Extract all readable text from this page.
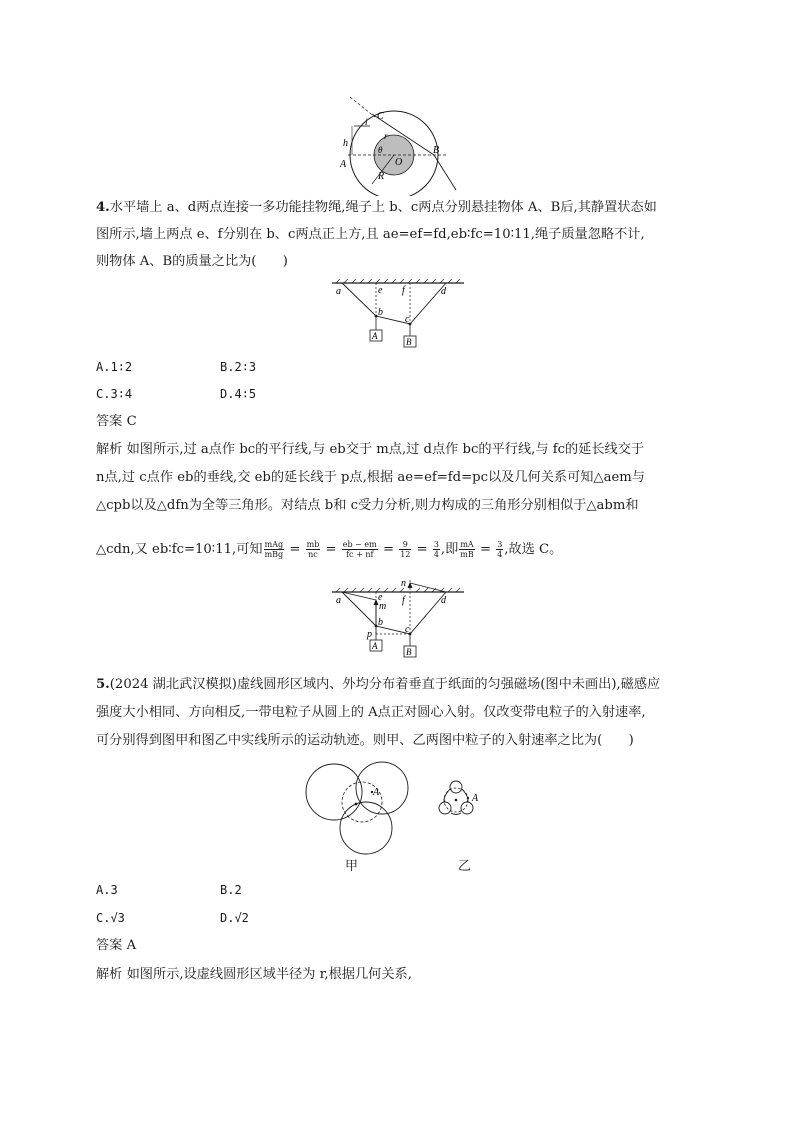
C
i
r
h
θ
O
A
B
R
4.水平墙上 a、d两点连接一多功能挂物绳,绳子上 b、c两点分别悬挂物体 A、B后,其静置状态如
图所示,墙上两点 e、f分别在 b、c两点正上方,且 ae=ef=fd,eb∶fc=10∶11,绳子质量忽略不计,
则物体 A、B的质量之比为(　　)
a	e f	d
b
c
A
B
A.1∶2	B.2∶3
C.3∶4	D.4∶5
答案 C
解析 如图所示,过 a点作 bc的平行线,与 eb交于 m点,过 d点作 bc的平行线,与 fc的延长线交于
n点,过 c点作 eb的垂线,交 eb的延长线于 p点,根据 ae=ef=fd=pc以及几何关系可知△aem与
△cpb以及△dfn为全等三角形。对结点 b和 c受力分析,则力构成的三角形分别相似于△abm和
△cdn,又 eb∶fc=10∶11,可知 $\frac{\text{mAg}}{\text{mBg}} = \frac{mb}{nc} = \frac{eb - em}{fc + nf} = \frac{9}{12} = \frac{3}{4}$ ,即 $\frac{mA}{mB} = \frac{3}{4}$ ,故选 C。
a	e
m
f
n
d
b
p	c
A
B
5.(2024 湖北武汉模拟)虚线圆形区域内、外均分布着垂直于纸面的匀强磁场(图中未画出),磁感应
强度大小相同、方向相反,一带电粒子从圆上的 A点正对圆心入射。仅改变带电粒子的入射速率,
可分别得到图甲和图乙中实线所示的运动轨迹。则甲、乙两图中粒子的入射速率之比为(　　)
A
A
甲	乙
A.3	B.2
C.√3	D.√2
答案 A
解析 如图所示,设虚线圆形区域半径为 r,根据几何关系,
